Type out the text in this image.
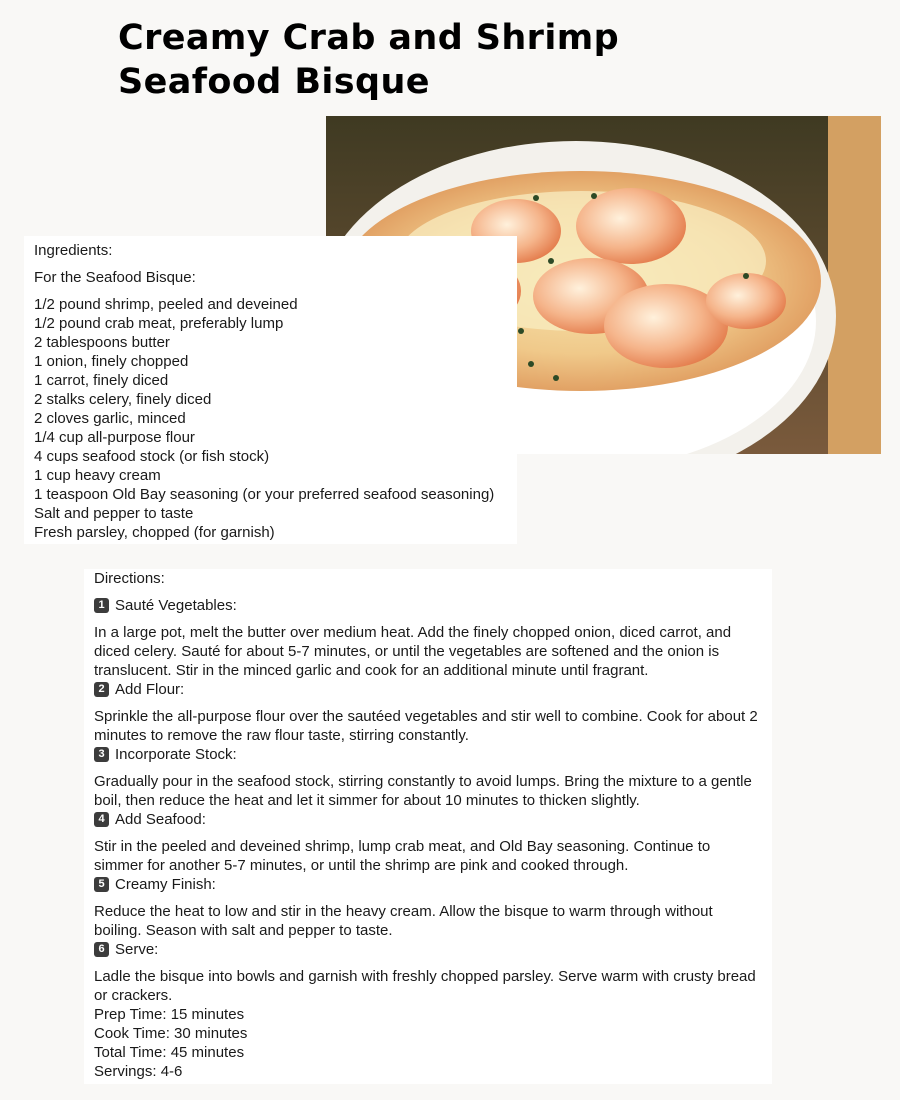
Creamy Crab and Shrimp
Seafood Bisque
Ingredients:
For the Seafood Bisque:
1/2 pound shrimp, peeled and deveined
1/2 pound crab meat, preferably lump
2 tablespoons butter
1 onion, finely chopped
1 carrot, finely diced
2 stalks celery, finely diced
2 cloves garlic, minced
1/4 cup all-purpose flour
4 cups seafood stock (or fish stock)
1 cup heavy cream
1 teaspoon Old Bay seasoning (or your preferred seafood seasoning)
Salt and pepper to taste
Fresh parsley, chopped (for garnish)
Directions:
1 Sauté Vegetables:
In a large pot, melt the butter over medium heat. Add the finely chopped onion, diced carrot, and diced celery. Sauté for about 5-7 minutes, or until the vegetables are softened and the onion is translucent. Stir in the minced garlic and cook for an additional minute until fragrant.
2 Add Flour:
Sprinkle the all-purpose flour over the sautéed vegetables and stir well to combine. Cook for about 2 minutes to remove the raw flour taste, stirring constantly.
3 Incorporate Stock:
Gradually pour in the seafood stock, stirring constantly to avoid lumps. Bring the mixture to a gentle boil, then reduce the heat and let it simmer for about 10 minutes to thicken slightly.
4 Add Seafood:
Stir in the peeled and deveined shrimp, lump crab meat, and Old Bay seasoning. Continue to simmer for another 5-7 minutes, or until the shrimp are pink and cooked through.
5 Creamy Finish:
Reduce the heat to low and stir in the heavy cream. Allow the bisque to warm through without boiling. Season with salt and pepper to taste.
6 Serve:
Ladle the bisque into bowls and garnish with freshly chopped parsley. Serve warm with crusty bread or crackers.
Prep Time: 15 minutes
Cook Time: 30 minutes
Total Time: 45 minutes
Servings: 4-6
